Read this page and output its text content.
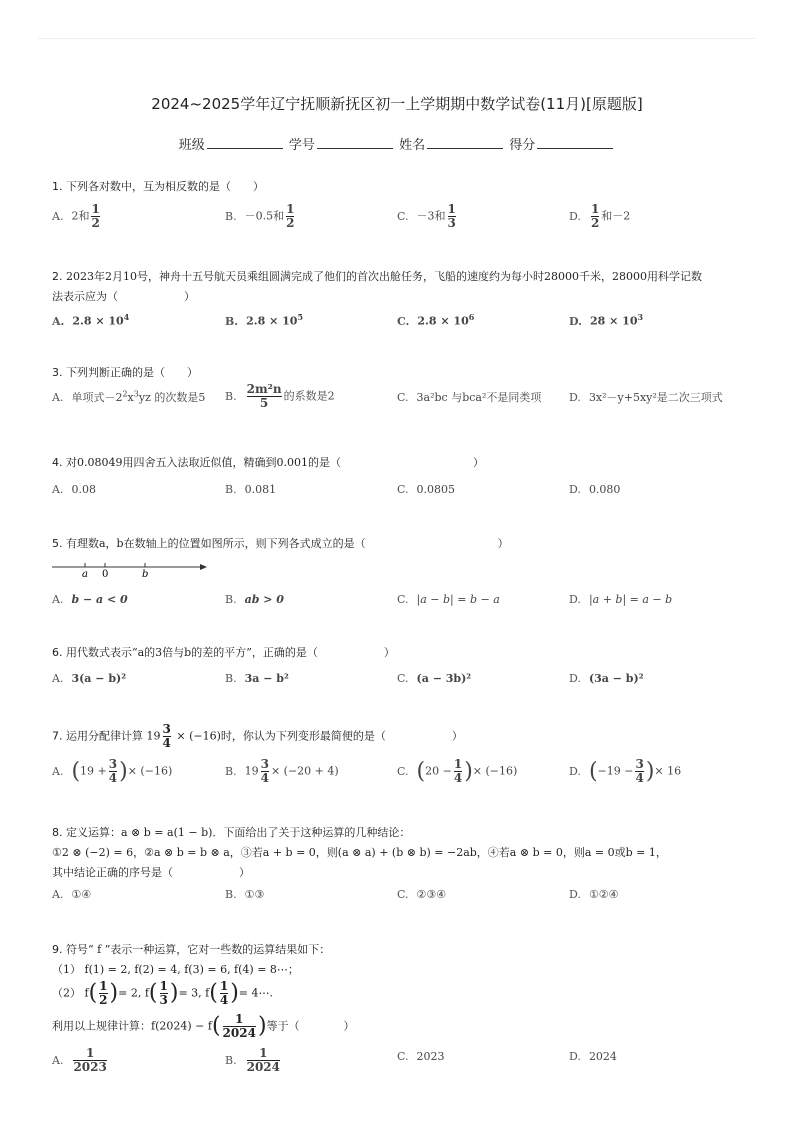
2024~2025学年辽宁抚顺新抚区初一上学期期中数学试卷(11月)[原题版]
班级	学号	姓名	得分
1. 下列各对数中，互为相反数的是（　　）
A. 2和 $\frac{1}{2}$	B. －0.5和 $\frac{1}{2}$	C. －3和 $\frac{1}{3}$	D. $\frac{1}{2}$ 和－2
2. 2023年2月10号，神舟十五号航天员乘组圆满完成了他们的首次出舱任务，飞船的速度约为每小时28000千米，28000用科学记数
法表示应为（　　　　　　）
A. $2.8 \times 10^4$	B. $2.8 \times 10^5$	C. $2.8 \times 10^6$	D. $28 \times 10^3$
3. 下列判断正确的是（　　）
A. 单项式$-2^2x^3yz$ 的次数是5 B. $\frac{\text{2m²n}}{5}$ 的系数是2	C. 3a²bc 与bca²不是同类项	D. 3x²－y+5xy²是二次三项式
4. 对0.08049用四舍五入法取近似值，精确到0.001的是（　　　　　　　　　　　　）
A. 0.08	B. 0.081	C. 0.0805	D. 0.080
5. 有理数a，b在数轴上的位置如图所示，则下列各式成立的是（　　　　　　　　　　　　）
a 0	b
A. b − a < 0	B. ab > 0	C. |a − b| = b − a	D. |a + b| = a − b
6. 用代数式表示“a的3倍与b的差的平方”，正确的是（　　　　　　）
A. 3(a − b)²	B. 3a − b²	C. (a − 3b)²	D. (3a − b)²
7. 运用分配律计算 $19 \frac{3}{4} \times (-16)$时，你认为下列变形最简便的是（　　　　　　）
A. ($19 + \frac{3}{4}$ )× (−16)	B. $19 \frac{3}{4} \times (-20 + 4)$	C. ($20 - \frac{1}{4}$ )× (−16)	D. ($-19 - \frac{3}{4}$ )× 16
8. 定义运算：a ⊗ b = a(1 − b)．下面给出了关于这种运算的几种结论：
①2 ⊗ (−2) = 6，②a ⊗ b = b ⊗ a，③若a + b = 0，则(a ⊗ a) + (b ⊗ b) = −2ab，④若a ⊗ b = 0，则a = 0或b = 1，
其中结论正确的序号是（　　　　　　）
A. ①④	B. ①③	C. ②③④	D. ①②④
9. 符号“ f ”表示一种运算，它对一些数的运算结果如下：
（1） f(1) = 2, f(2) = 4, f(3) = 6, f(4) = 8⋯；
（2） $f( \frac{1}{2}$ )= 2, $f( \frac{1}{3}$ )= 3, $f( \frac{1}{4}$ )= 4⋯.
利用以上规律计算：$f(2024) - f( \frac{1}{2024}$ )等于（　　　　）
A. $\frac{1}{2023}$	B. $\frac{1}{2024}$	C. 2023	D. 2024
